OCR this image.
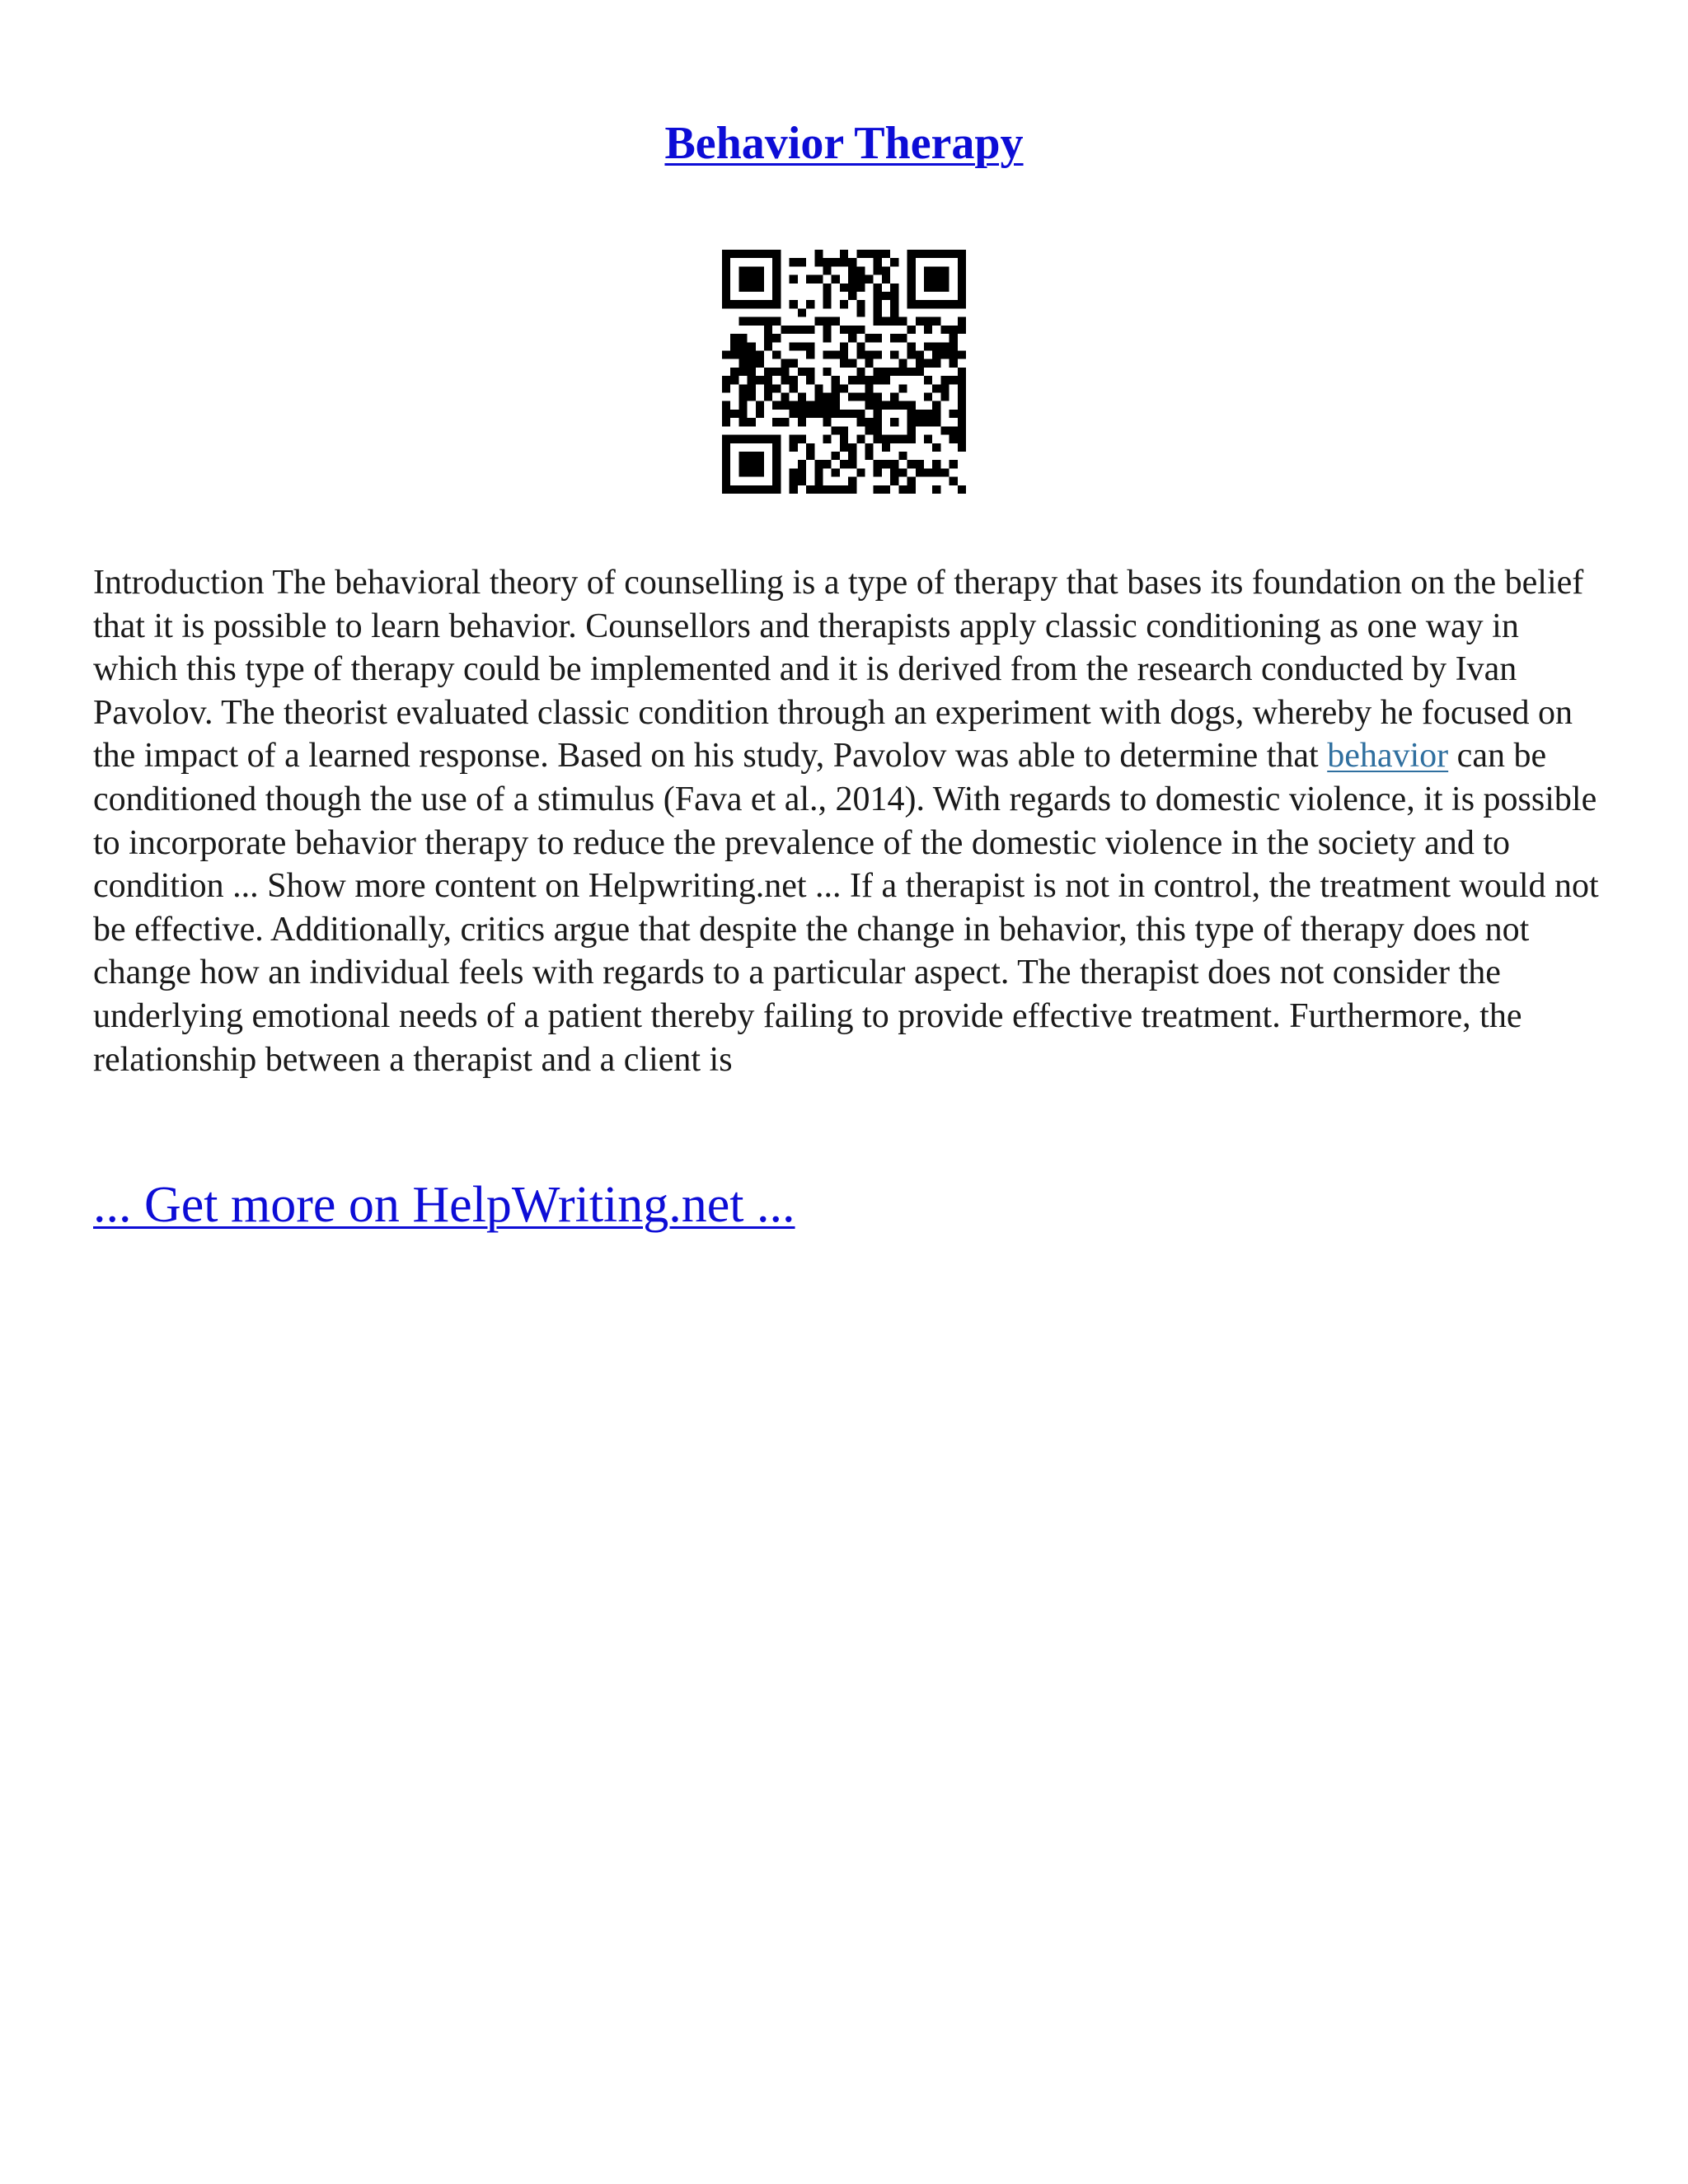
Behavior Therapy

Introduction The behavioral theory of counselling is a type of therapy that bases its foundation on the belief that it is possible to learn behavior. Counsellors and therapists apply classic conditioning as one way in which this type of therapy could be implemented and it is derived from the research conducted by Ivan Pavolov. The theorist evaluated classic condition through an experiment with dogs, whereby he focused on the impact of a learned response. Based on his study, Pavolov was able to determine that behavior can be conditioned though the use of a stimulus (Fava et al., 2014). With regards to domestic violence, it is possible to incorporate behavior therapy to reduce the prevalence of the domestic violence in the society and to condition ... Show more content on Helpwriting.net ... If a therapist is not in control, the treatment would not be effective. Additionally, critics argue that despite the change in behavior, this type of therapy does not change how an individual feels with regards to a particular aspect. The therapist does not consider the underlying emotional needs of a patient thereby failing to provide effective treatment. Furthermore, the relationship between a therapist and a client is

... Get more on HelpWriting.net ...
